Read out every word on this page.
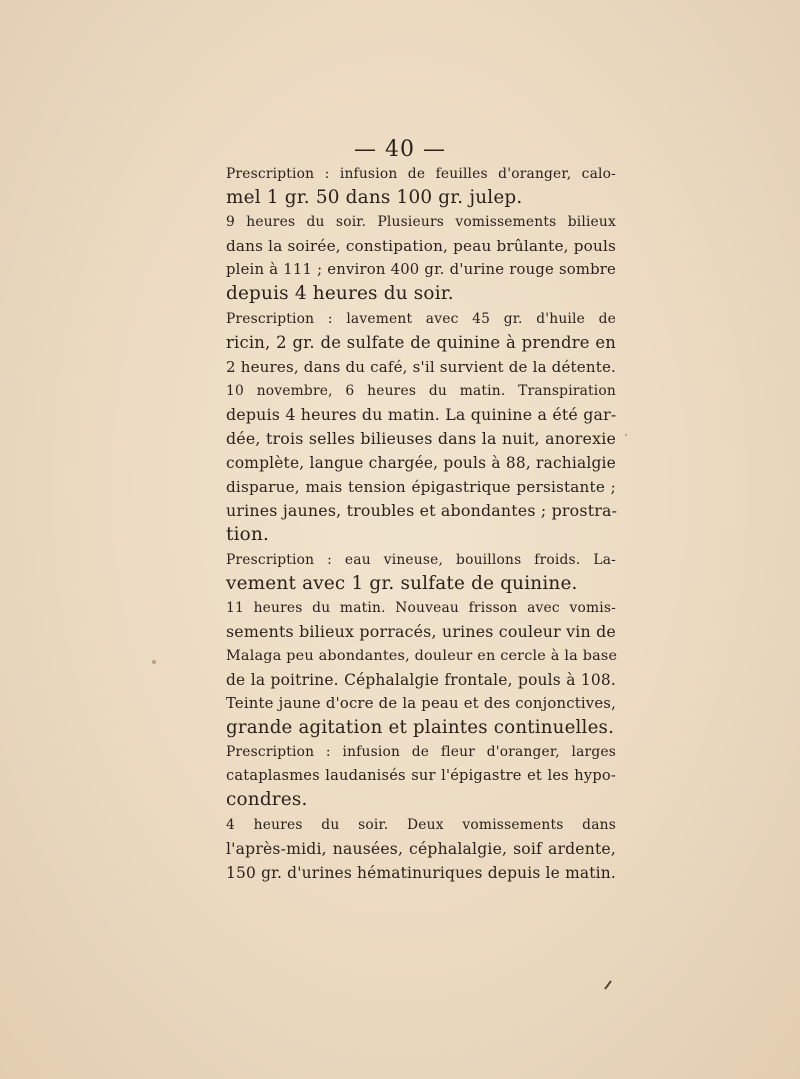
— 40 —

Prescription : infusion de feuilles d'oranger, calo-
mel 1 gr. 50 dans 100 gr. julep.

9 heures du soir. Plusieurs vomissements bilieux
dans la soirée, constipation, peau brûlante, pouls
plein à 111 ; environ 400 gr. d'urine rouge sombre
depuis 4 heures du soir.

Prescription : lavement avec 45 gr. d'huile de
ricin, 2 gr. de sulfate de quinine à prendre en
2 heures, dans du café, s'il survient de la détente.

10 novembre, 6 heures du matin. Transpiration
depuis 4 heures du matin. La quinine a été gar-
dée, trois selles bilieuses dans la nuit, anorexie
complète, langue chargée, pouls à 88, rachialgie
disparue, mais tension épigastrique persistante ;
urines jaunes, troubles et abondantes ; prostra-
tion.

Prescription : eau vineuse, bouillons froids. La-
vement avec 1 gr. sulfate de quinine.

11 heures du matin. Nouveau frisson avec vomis-
sements bilieux porracés, urines couleur vin de
Malaga peu abondantes, douleur en cercle à la base
de la poitrine. Céphalalgie frontale, pouls à 108.
Teinte jaune d'ocre de la peau et des conjonctives,
grande agitation et plaintes continuelles.

Prescription : infusion de fleur d'oranger, larges
cataplasmes laudanisés sur l'épigastre et les hypo-
condres.

4 heures du soir. Deux vomissements dans
l'après-midi, nausées, céphalalgie, soif ardente,
150 gr. d'urines hématinuriques depuis le matin.
